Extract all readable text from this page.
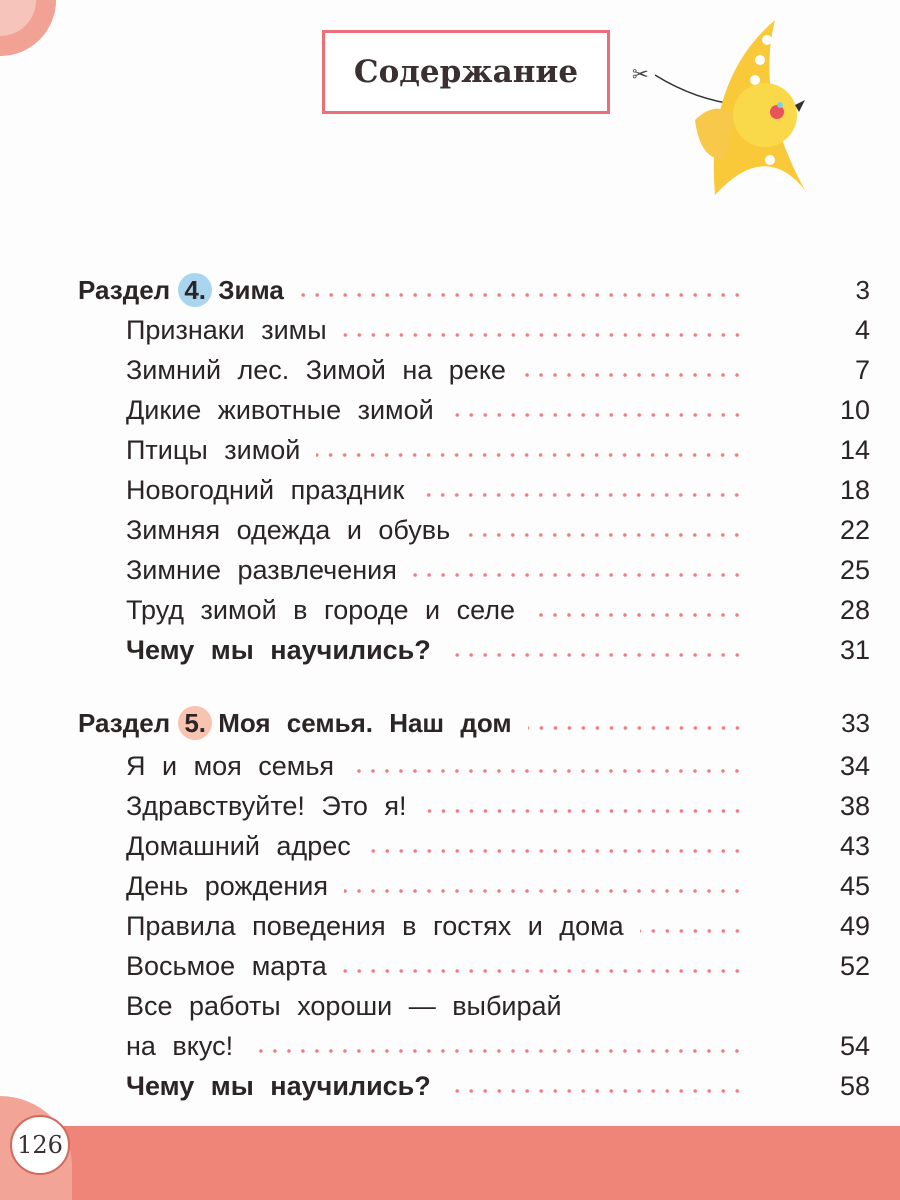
Содержание	✂
Раздел 4. Зима	3
Признаки зимы	4
Зимний лес. Зимой на реке	7
Дикие животные зимой	10
Птицы зимой	14
Новогодний праздник	18
Зимняя одежда и обувь	22
Зимние развлечения	25
Труд зимой в городе и селе	28
Чему мы научились?	31
Раздел 5. Моя семья. Наш дом	33
Я и моя семья	34
Здравствуйте! Это я!	38
Домашний адрес	43
День рождения	45
Правила поведения в гостях и дома	49
Восьмое марта	52
Все работы хороши — выбирай
на вкус!	54
Чему мы научились?	58
126
